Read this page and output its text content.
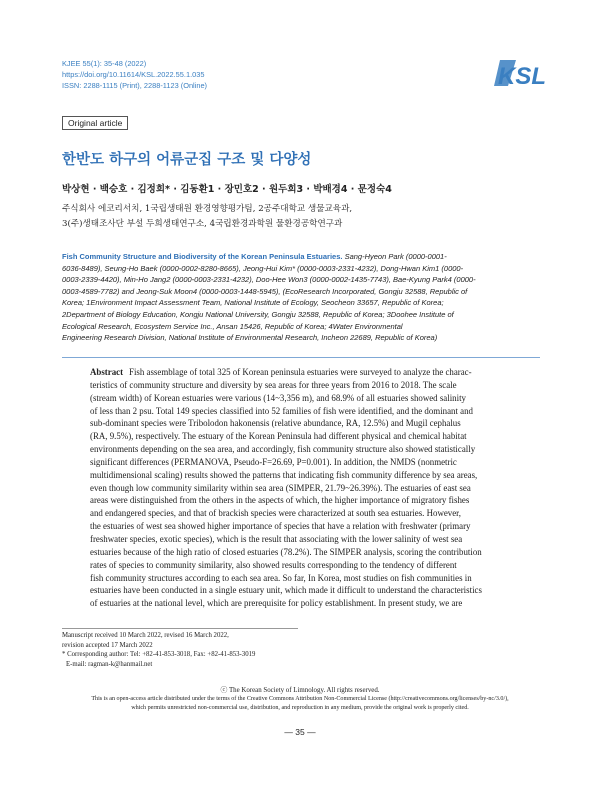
KJEE 55(1): 35-48 (2022)
https://doi.org/10.11614/KSL.2022.55.1.035
ISSN: 2288-1115 (Print), 2288-1123 (Online)	KSL
Original article
한반도 하구의 어류군집 구조 및 다양성
박상현 · 백승호 · 김정희* · 김동환1 · 장민호2 · 원두희3 · 박배경4 · 문정숙4
주식회사 에코리서치, 1국립생태원 환경영향평가팀, 2공주대학교 생물교육과,
3(주)생태조사단 부설 두희생태연구소, 4국립환경과학원 물환경공학연구과
Fish Community Structure and Biodiversity of the Korean Peninsula Estuaries. Sang-Hyeon Park (0000-0001-
6036-8489), Seung-Ho Baek (0000-0002-8280-8665), Jeong-Hui Kim* (0000-0003-2331-4232), Dong-Hwan Kim1 (0000-
0003-2339-4420), Min-Ho Jang2 (0000-0003-2331-4232), Doo-Hee Won3 (0000-0002-1435-7743), Bae-Kyung Park4 (0000-
0003-4589-7782) and Jeong-Suk Moon4 (0000-0003-1448-5945), (EcoResearch Incorporated, Gongju 32588, Republic of
Korea; 1Environment Impact Assessment Team, National Institute of Ecology, Seocheon 33657, Republic of Korea;
2Department of Biology Education, Kongju National University, Gongju 32588, Republic of Korea; 3Doohee Institute of
Ecological Research, Ecosystem Service Inc., Ansan 15426, Republic of Korea; 4Water Environmental
Engineering Research Division, National Institute of Environmental Research, Incheon 22689, Republic of Korea)
Abstract Fish assemblage of total 325 of Korean peninsula estuaries were surveyed to analyze the charac-
teristics of community structure and diversity by sea areas for three years from 2016 to 2018. The scale
(stream width) of Korean estuaries were various (14~3,356 m), and 68.9% of all estuaries showed salinity
of less than 2 psu. Total 149 species classified into 52 families of fish were identified, and the dominant and
sub-dominant species were Tribolodon hakonensis (relative abundance, RA, 12.5%) and Mugil cephalus
(RA, 9.5%), respectively. The estuary of the Korean Peninsula had different physical and chemical habitat
environments depending on the sea area, and accordingly, fish community structure also showed statistically
significant differences (PERMANOVA, Pseudo-F=26.69, P=0.001). In addition, the NMDS (nonmetric
multidimensional scaling) results showed the patterns that indicating fish community difference by sea areas,
even though low community similarity within sea area (SIMPER, 21.79~26.39%). The estuaries of east sea
areas were distinguished from the others in the aspects of which, the higher importance of migratory fishes
and endangered species, and that of brackish species were characterized at south sea estuaries. However,
the estuaries of west sea showed higher importance of species that have a relation with freshwater (primary
freshwater species, exotic species), which is the result that associating with the lower salinity of west sea
estuaries because of the high ratio of closed estuaries (78.2%). The SIMPER analysis, scoring the contribution
rates of species to community similarity, also showed results corresponding to the tendency of different
fish community structures according to each sea area. So far, In Korea, most studies on fish communities in
estuaries have been conducted in a single estuary unit, which made it difficult to understand the characteristics
of estuaries at the national level, which are prerequisite for policy establishment. In present study, we are
Manuscript received 10 March 2022, revised 16 March 2022,
revision accepted 17 March 2022
* Corresponding author: Tel: +82-41-853-3018, Fax: +82-41-853-3019
E-mail: ragman-k@hanmail.net
ⓒ The Korean Society of Limnology. All rights reserved.
This is an open-access article distributed under the terms of the Creative Commons Attribution Non-Commercial License (http://creativecommons.org/licenses/by-nc/3.0/),
which permits unrestricted non-commercial use, distribution, and reproduction in any medium, provide the original work is properly cited.
— 35 —
